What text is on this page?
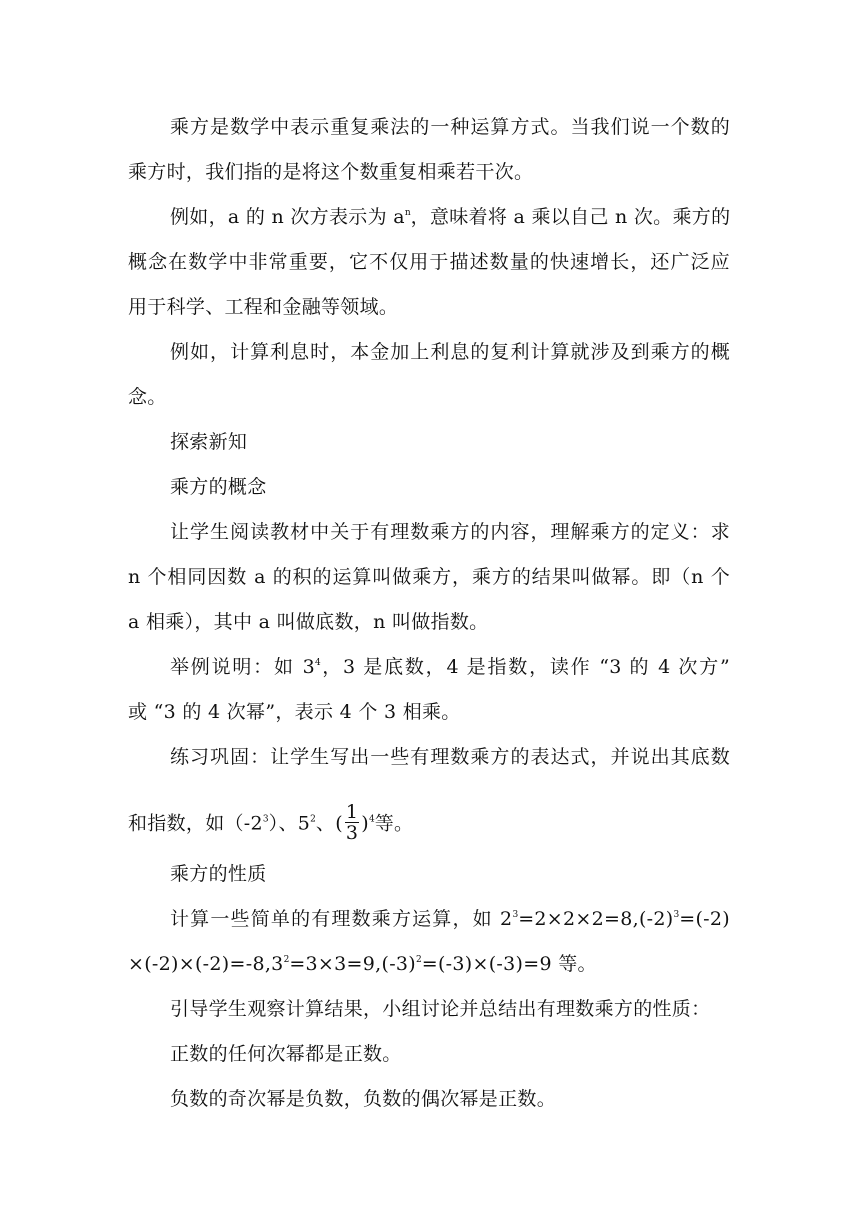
乘方是数学中表示重复乘法的一种运算方式。当我们说一个数的
乘方时，我们指的是将这个数重复相乘若干次。
例如，a 的 n 次方表示为 $a^n$，意味着将 a 乘以自己 n 次。乘方的
概念在数学中非常重要，它不仅用于描述数量的快速增长，还广泛应
用于科学、工程和金融等领域。
例如，计算利息时，本金加上利息的复利计算就涉及到乘方的概
念。
探索新知
乘方的概念
让学生阅读教材中关于有理数乘方的内容，理解乘方的定义：求
n 个相同因数 a 的积的运算叫做乘方，乘方的结果叫做幂。即（n 个
a 相乘），其中 a 叫做底数，n 叫做指数。
举例说明：如 $3^4$，3 是底数，4 是指数，读作 “3 的 4 次方”
或 “3 的 4 次幂”，表示 4 个 3 相乘。
练习巩固：让学生写出一些有理数乘方的表达式，并说出其底数
和指数，如$(-2^3)$、$5^2$、( $\frac{1}{3} )^4$等。
乘方的性质
计算一些简单的有理数乘方运算，如 $2^3=2\times 2\times 2=8,(-2)^3=(-2)$
$\times(-2)\times(-2)=-8,3^2=3\times 3=9,(-3)^2=(-3)\times(-3)=9$ 等。
引导学生观察计算结果，小组讨论并总结出有理数乘方的性质：
正数的任何次幂都是正数。
负数的奇次幂是负数，负数的偶次幂是正数。
